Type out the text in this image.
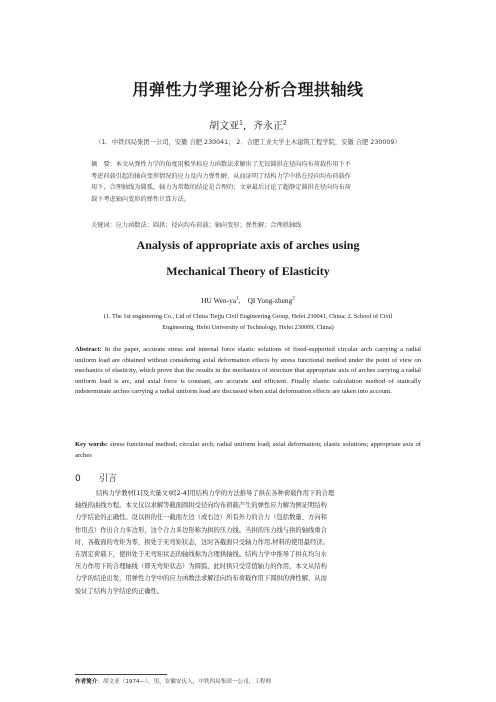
用弹性力学理论分析合理拱轴线
胡文亚$^1$，齐永正$^2$
（1．中铁四局集团一公司，安徽 合肥 230041； 2．合肥工业大学土木建筑工程学院，安徽 合肥 230009）
摘　要：本文从弹性力学的角度用极坐标应力函数法求解出了无铰圆拱在径向均布荷载作用下不
考虑荷载引起的轴向变形情况的应力及内力弹性解，从而证明了结构力学中拱在径向均布荷载作
用下，合理轴线为圆弧，轴力为常数的结论是合理的；文章最后讨论了超静定圆拱在径向均布荷
载下考虑轴向变形的弹性计算方法。
关键词：应力函数法；圆拱；径向均布荷载；轴向变形；弹性解；合理拱轴线
Analysis of appropriate axis of arches using
Mechanical Theory of Elasticity
HU Wen-$ya^1$,    QI Yong-zheng$^2$
(1. The 1st engineering Co., Ltd of China Tiejju Civil Engineering Group, Hefei 230041, China; 2. School of Civil
Engineering, Hefei University of Technology, Hefei 230009, China)
Abstract: In the paper, accurate stress and internal force elastic solutions of fixed-supported circular arch carrying a radial uniform load are obtained without considering axial deformation effects by stress functional method under the point of view on mechanics of elasticity, which prove that the results in the mechanics of structure that appropriate axis of arches carrying a radial uniform load is arc, and axial force is constant, are accurate and efficient. Finally elastic calculation method of statically indeterminate arches carrying a radial uniform load are discussed when axial deformation effects are taken into account.
Key words: stress functional method; circular arch; radial uniform load; axial deformation; elastic solutions; appropriate axis of arches
0 引言
结构力学教材[1]及大量文章[2-4]用结构力学的方法推导了拱在各种荷载作用下的合理
轴线的曲线方程。本文仅以求解等截面圆拱受径向均布荷载产生的弹性应力解为例证明结构
力学结论的正确性。设以拱的任一截面左边（或右边）所有外力的合力（包括数量、方向和
作用点）作出合力多边形，这个合力多边形称为拱的压力线。当拱的压力线与拱的轴线重合
时，各截面的弯矩为零，拱处于无弯矩状态，这时各截面只受轴力作用,材料的使用最经济。
在固定荷载下，使拱处于无弯矩状态的轴线称为合理拱轴线。结构力学中推导了拱在均匀水
压力作用下的合理轴线（即无弯矩状态）为圆弧，此时拱只受常值轴力的作用，本文从结构
力学的结论出发，用弹性力学中的应力函数法求解径向均布荷载作用下圆拱的弹性解，从而
验证了结构力学结论的正确性。
作者简介：胡文亚（1974—），男，安徽安庆人，中铁四局集团一公司，工程师
